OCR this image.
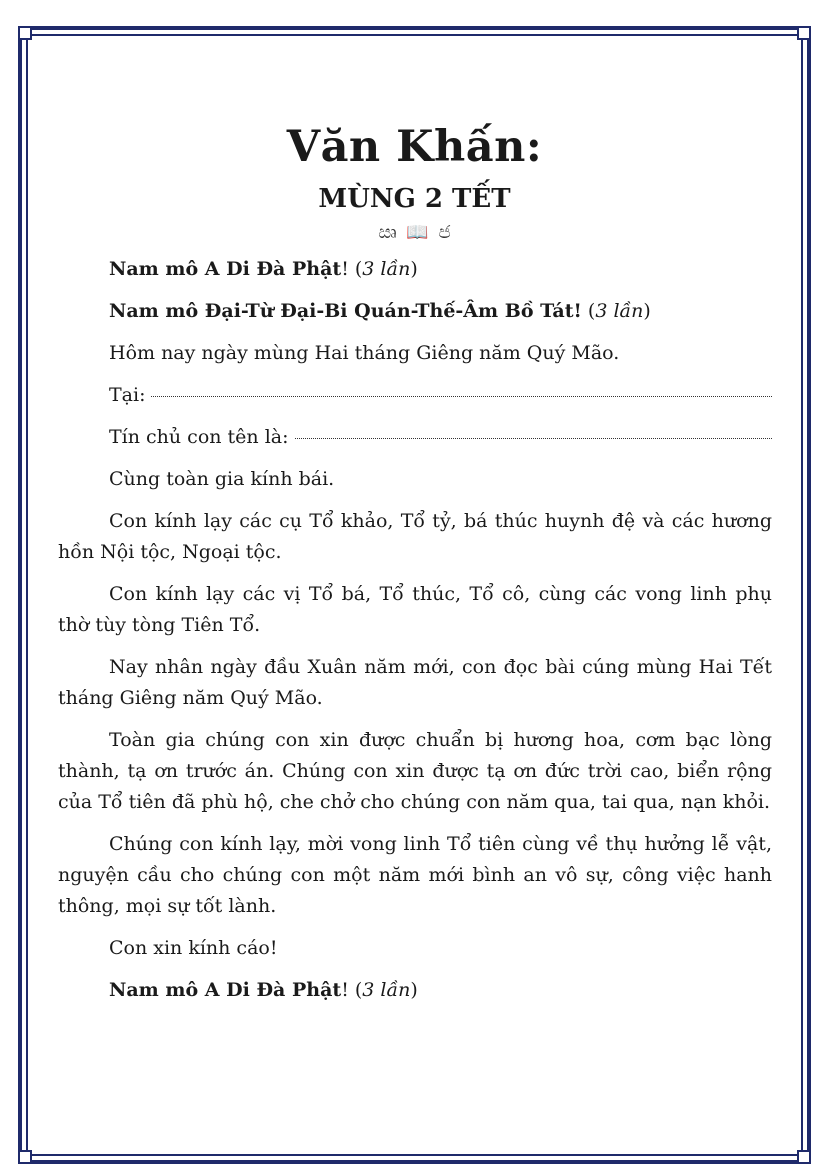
Văn Khấn:
MÙNG 2 TẾT
ඍ 📖 ජ

Nam mô A Di Đà Phật! (3 lần)

Nam mô Đại-Từ Đại-Bi Quán-Thế-Âm Bồ Tát! (3 lần)

Hôm nay ngày mùng Hai tháng Giêng năm Quý Mão.

Tại:
Tín chủ con tên là:

Cùng toàn gia kính bái.

Con kính lạy các cụ Tổ khảo, Tổ tỷ, bá thúc huynh đệ và các hương hồn Nội tộc, Ngoại tộc.

Con kính lạy các vị Tổ bá, Tổ thúc, Tổ cô, cùng các vong linh phụ thờ tùy tòng Tiên Tổ.

Nay nhân ngày đầu Xuân năm mới, con đọc bài cúng mùng Hai Tết tháng Giêng năm Quý Mão.

Toàn gia chúng con xin được chuẩn bị hương hoa, cơm bạc lòng thành, tạ ơn trước án. Chúng con xin được tạ ơn đức trời cao, biển rộng của Tổ tiên đã phù hộ, che chở cho chúng con năm qua, tai qua, nạn khỏi.

Chúng con kính lạy, mời vong linh Tổ tiên cùng về thụ hưởng lễ vật, nguyện cầu cho chúng con một năm mới bình an vô sự, công việc hanh thông, mọi sự tốt lành.

Con xin kính cáo!

Nam mô A Di Đà Phật! (3 lần)
